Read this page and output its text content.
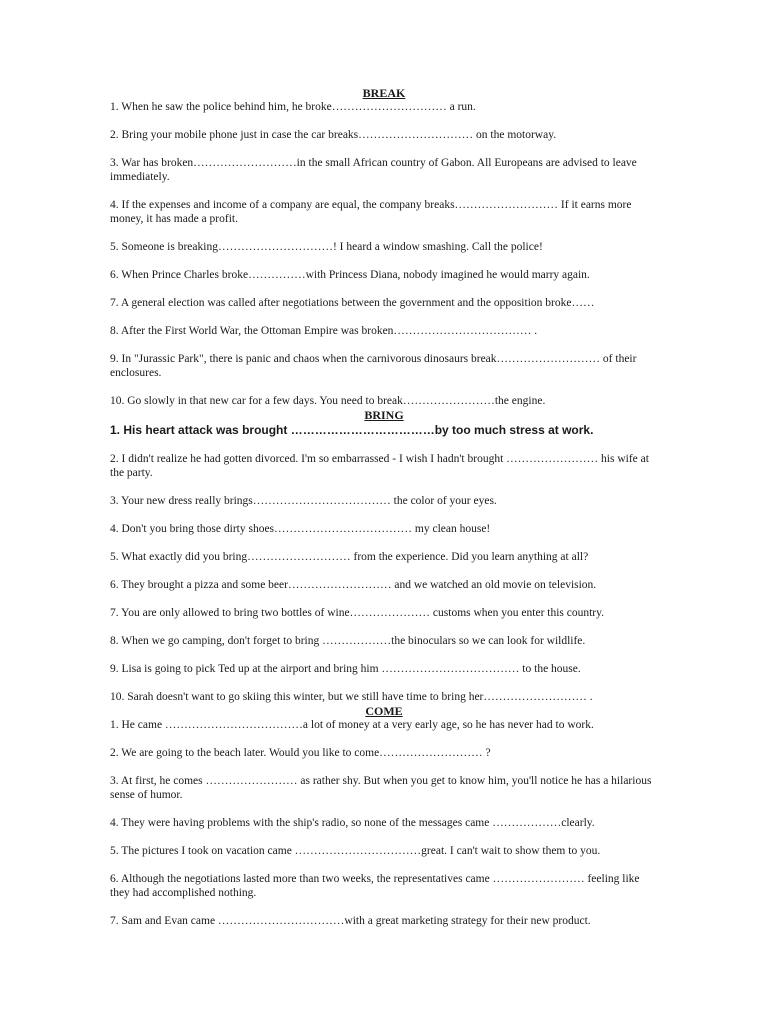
BREAK

1. When he saw the police behind him, he broke………………………… a run.

2. Bring your mobile phone just in case the car breaks………………………… on the motorway.

3. War has broken………………………in the small African country of Gabon. All Europeans are advised to leave immediately.

4. If the expenses and income of a company are equal, the company breaks……………………… If it earns more money, it has made a profit.

5. Someone is breaking…………………………! I heard a window smashing. Call the police!

6. When Prince Charles broke……………with Princess Diana, nobody imagined he would marry again.

7. A general election was called after negotiations between the government and the opposition broke……

8. After the First World War, the Ottoman Empire was broken……………………………… .

9. In "Jurassic Park", there is panic and chaos when the carnivorous dinosaurs break……………………… of their enclosures.

10. Go slowly in that new car for a few days. You need to break……………………the engine.

BRING

1. His heart attack was brought ………………………………by too much stress at work.

2. I didn't realize he had gotten divorced. I'm so embarrassed - I wish I hadn't brought …………………… his wife at the party.

3. Your new dress really brings……………………………… the color of your eyes.

4. Don't you bring those dirty shoes……………………………… my clean house!

5. What exactly did you bring……………………… from the experience. Did you learn anything at all?

6. They brought a pizza and some beer……………………… and we watched an old movie on television.

7. You are only allowed to bring two bottles of wine………………… customs when you enter this country.

8. When we go camping, don't forget to bring ………………the binoculars so we can look for wildlife.

9. Lisa is going to pick Ted up at the airport and bring him ……………………………… to the house.

10. Sarah doesn't want to go skiing this winter, but we still have time to bring her……………………… .

COME

1. He came ………………………………a lot of money at a very early age, so he has never had to work.

2. We are going to the beach later. Would you like to come……………………… ?

3. At first, he comes …………………… as rather shy. But when you get to know him, you'll notice he has a hilarious sense of humor.

4. They were having problems with the ship's radio, so none of the messages came ………………clearly.

5. The pictures I took on vacation came ……………………………great. I can't wait to show them to you.

6. Although the negotiations lasted more than two weeks, the representatives came …………………… feeling like they had accomplished nothing.

7. Sam and Evan came ……………………………with a great marketing strategy for their new product.
